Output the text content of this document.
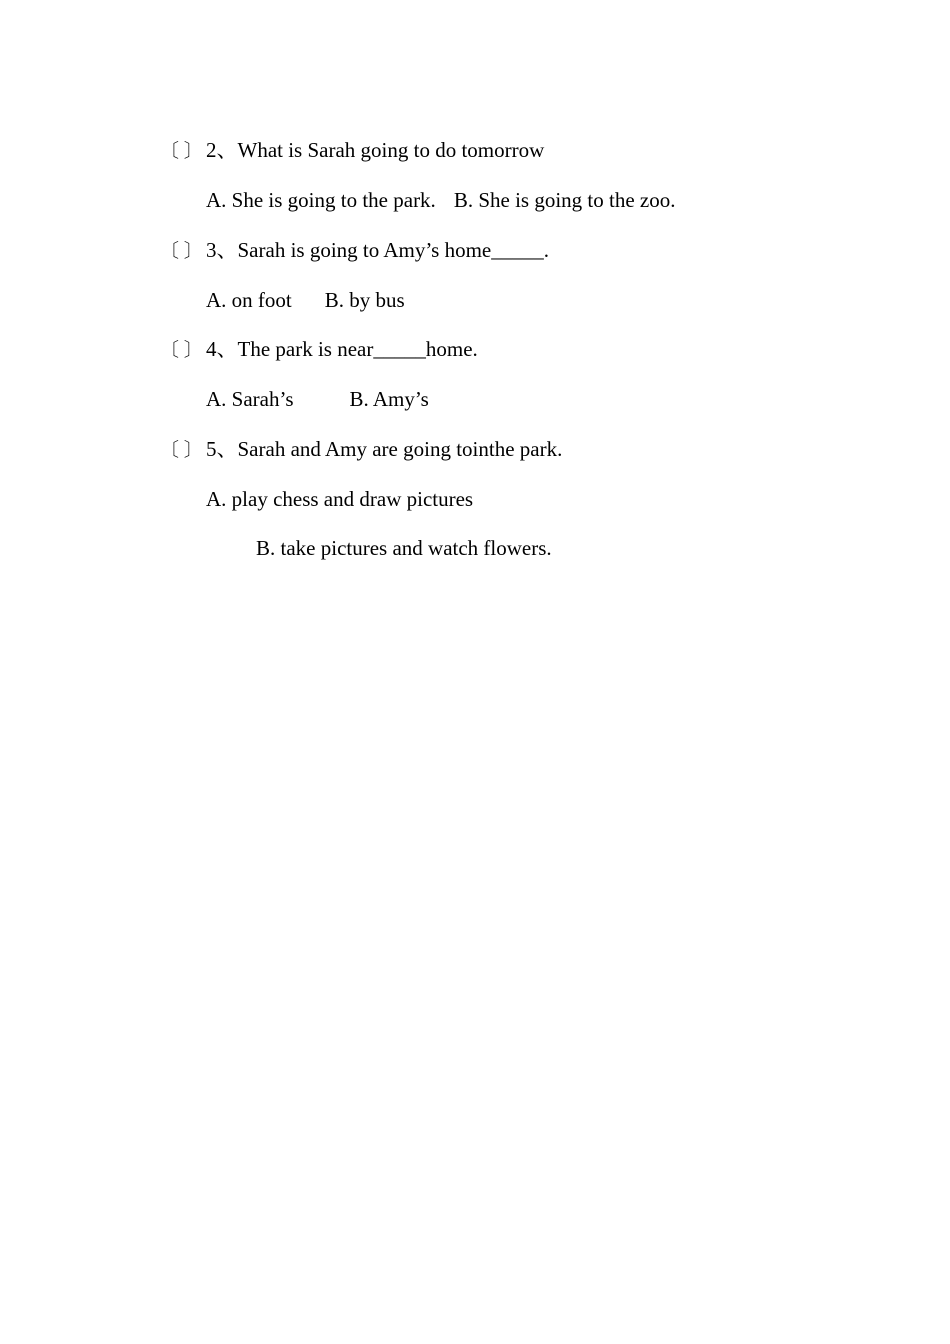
〔 〕 2、What is Sarah going to do tomorrow
A. She is going to the park. B. She is going to the zoo.
〔 〕 3、Sarah is going to Amy’s home_____.
A. on foot B. by bus
〔 〕 4、The park is near_____home.
A. Sarah’s	B. Amy’s
〔 〕 5、Sarah and Amy are going tointhe park.
A. play chess and draw pictures
B. take pictures and watch flowers.
